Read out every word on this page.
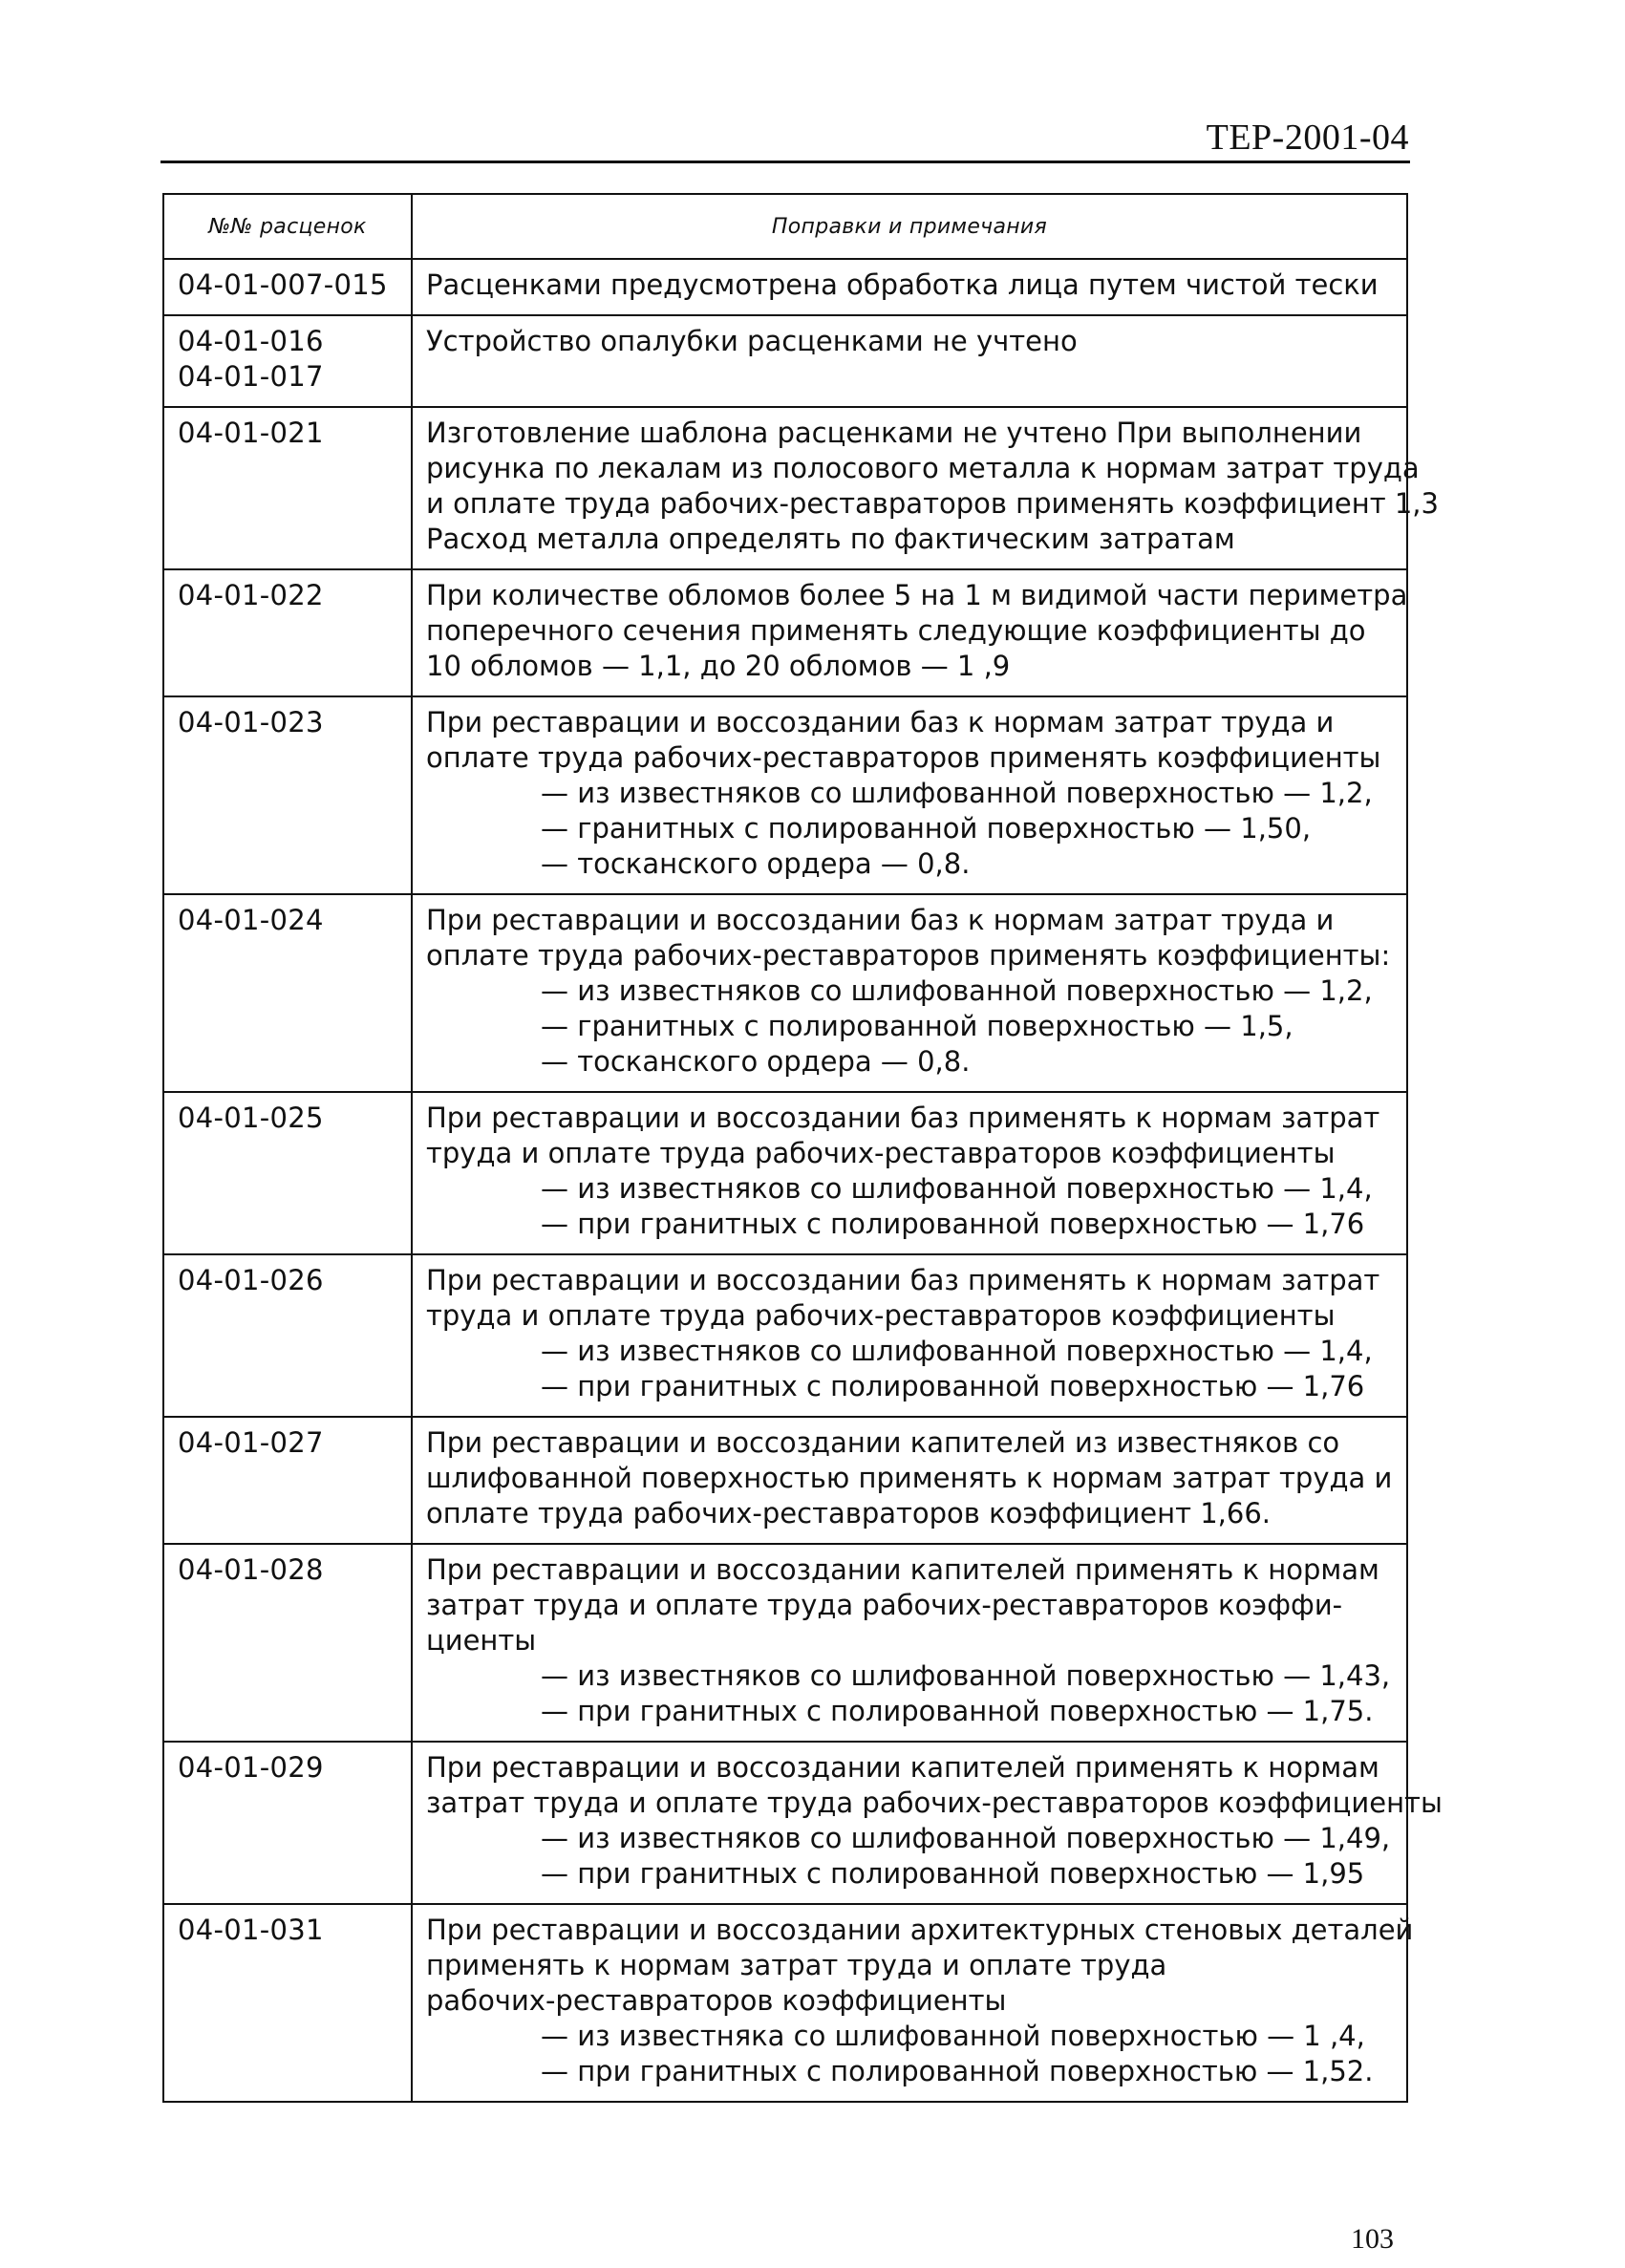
ТЕР-2001-04
№№ расценок	Поправки и примечания

04-01-007-015	Расценками предусмотрена обработка лица путем чистой тески

04-01-016
04-01-017	Устройство опалубки расценками не учтено

04-01-021	Изготовление шаблона расценками не учтено При выполнении
рисунка по лекалам из полосового металла к нормам затрат труда
и оплате труда рабочих-реставраторов применять коэффициент 1,3
Расход металла определять по фактическим затратам

04-01-022	При количестве обломов более 5 на 1 м видимой части периметра
поперечного сечения применять следующие коэффициенты до
10 обломов — 1,1, до 20 обломов — 1 ,9

04-01-023	При реставрации и воссоздании баз к нормам затрат труда и
оплате труда рабочих-реставраторов применять коэффициенты
— из известняков со шлифованной поверхностью — 1,2,
— гранитных с полированной поверхностью — 1,50,
— тосканского ордера — 0,8.

04-01-024	При реставрации и воссоздании баз к нормам затрат труда и
оплате труда рабочих-реставраторов применять коэффициенты:
— из известняков со шлифованной поверхностью — 1,2,
— гранитных с полированной поверхностью — 1,5,
— тосканского ордера — 0,8.

04-01-025	При реставрации и воссоздании баз применять к нормам затрат
труда и оплате труда рабочих-реставраторов коэффициенты
— из известняков со шлифованной поверхностью — 1,4,
— при гранитных с полированной поверхностью — 1,76

04-01-026	При реставрации и воссоздании баз применять к нормам затрат
труда и оплате труда рабочих-реставраторов коэффициенты
— из известняков со шлифованной поверхностью — 1,4,
— при гранитных с полированной поверхностью — 1,76

04-01-027	При реставрации и воссоздании капителей из известняков со
шлифованной поверхностью применять к нормам затрат труда и
оплате труда рабочих-реставраторов коэффициент 1,66.

04-01-028	При реставрации и воссоздании капителей применять к нормам
затрат труда и оплате труда рабочих-реставраторов коэффи-
циенты
— из известняков со шлифованной поверхностью — 1,43,
— при гранитных с полированной поверхностью — 1,75.

04-01-029	При реставрации и воссоздании капителей применять к нормам
затрат труда и оплате труда рабочих-реставраторов коэффициенты
— из известняков со шлифованной поверхностью — 1,49,
— при гранитных с полированной поверхностью — 1,95

04-01-031	При реставрации и воссоздании архитектурных стеновых деталей
применять к нормам затрат труда и оплате труда
рабочих-реставраторов коэффициенты
— из известняка со шлифованной поверхностью — 1 ,4,
— при гранитных с полированной поверхностью — 1,52.
103
